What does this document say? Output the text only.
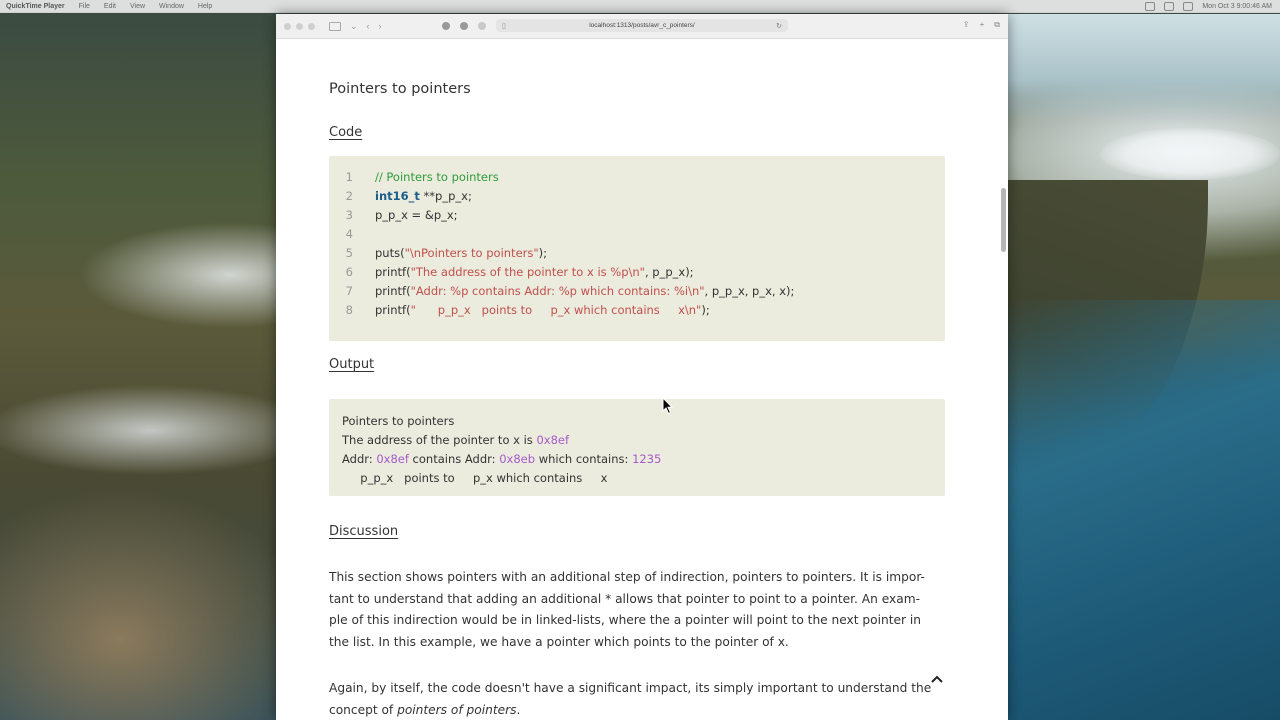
QuickTime Player File Edit View Window Help	Mon Oct 3 9:00:46 AM
⌄ ‹ ›	▯	localhost:1313/posts/avr_c_pointers/	↻	⇪ + ⧉
Pointers to pointers
Code
1 // Pointers to pointers
2 int16_t **p_p_x;
3 p_p_x = &p_x;
4
5 puts("\nPointers to pointers");
6 printf("The address of the pointer to x is %p\n", p_p_x);
7 printf("Addr: %p contains Addr: %p which contains: %i\n", p_p_x, p_x, x);
8 printf("      p_p_x   points to     p_x which contains     x\n");
Output
Pointers to pointers
The address of the pointer to x is 0x8ef
Addr: 0x8ef contains Addr: 0x8eb which contains: 1235
p_p_x   points to     p_x which contains     x
Discussion
This section shows pointers with an additional step of indirection, pointers to pointers. It is impor-
tant to understand that adding an additional * allows that pointer to point to a pointer. An exam-
ple of this indirection would be in linked-lists, where the a pointer will point to the next pointer in
the list. In this example, we have a pointer which points to the pointer of x.
Again, by itself, the code doesn't have a significant impact, its simply important to understand the
concept of pointers of pointers.
